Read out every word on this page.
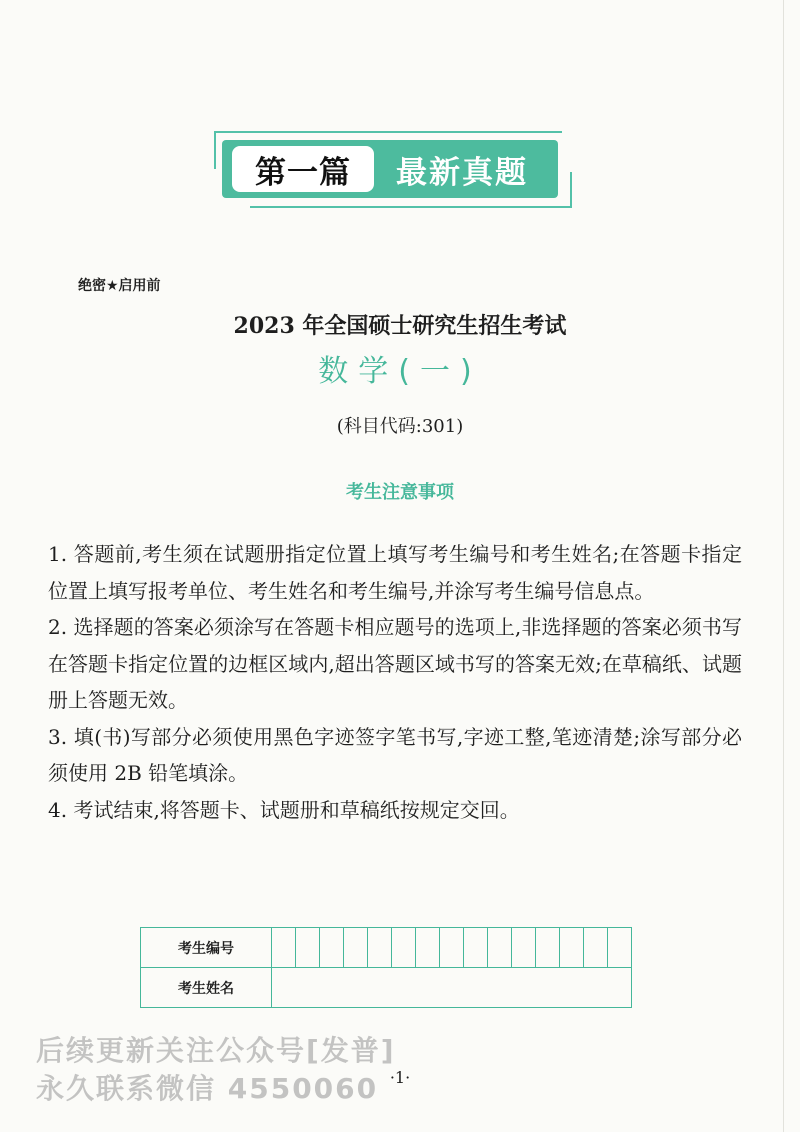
第一篇	最新真题
绝密★启用前
2023 年全国硕士研究生招生考试
数学(一)
(科目代码:301)
考生注意事项
1. 答题前,考生须在试题册指定位置上填写考生编号和考生姓名;在答题卡指定位置上填写报考单位、考生姓名和考生编号,并涂写考生编号信息点。
2. 选择题的答案必须涂写在答题卡相应题号的选项上,非选择题的答案必须书写在答题卡指定位置的边框区域内,超出答题区域书写的答案无效;在草稿纸、试题册上答题无效。
3. 填(书)写部分必须使用黑色字迹签字笔书写,字迹工整,笔迹清楚;涂写部分必须使用 2B 铅笔填涂。
4. 考试结束,将答题卡、试题册和草稿纸按规定交回。
考生编号															
考生姓名															
·1·
后续更新关注公众号[发普]
永久联系微信 4550060
